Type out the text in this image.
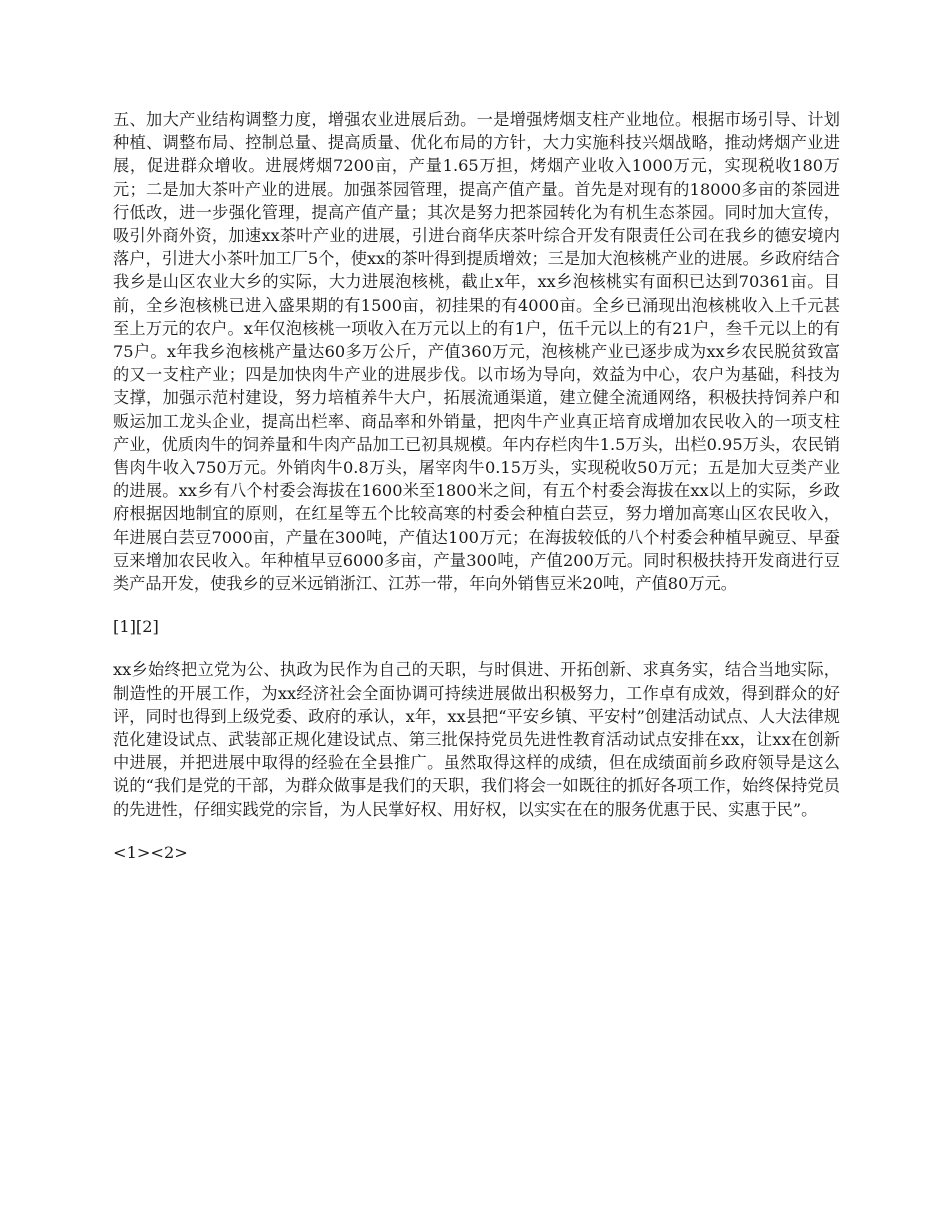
五、加大产业结构调整力度，增强农业进展后劲。一是增强烤烟支柱产业地位。根据市场引导、计划种植、调整布局、控制总量、提高质量、优化布局的方针，大力实施科技兴烟战略，推动烤烟产业进展，促进群众增收。进展烤烟7200亩，产量1.65万担，烤烟产业收入1000万元，实现税收180万元；二是加大茶叶产业的进展。加强茶园管理，提高产值产量。首先是对现有的18000多亩的茶园进行低改，进一步强化管理，提高产值产量；其次是努力把茶园转化为有机生态茶园。同时加大宣传，吸引外商外资，加速xx茶叶产业的进展，引进台商华庆茶叶综合开发有限责任公司在我乡的德安境内落户，引进大小茶叶加工厂5个，使xx的茶叶得到提质增效；三是加大泡核桃产业的进展。乡政府结合我乡是山区农业大乡的实际，大力进展泡核桃，截止x年，xx乡泡核桃实有面积已达到70361亩。目前，全乡泡核桃已进入盛果期的有1500亩，初挂果的有4000亩。全乡已涌现出泡核桃收入上千元甚至上万元的农户。x年仅泡核桃一项收入在万元以上的有1户，伍千元以上的有21户，叁千元以上的有75户。x年我乡泡核桃产量达60多万公斤，产值360万元，泡核桃产业已逐步成为xx乡农民脱贫致富的又一支柱产业；四是加快肉牛产业的进展步伐。以市场为导向，效益为中心，农户为基础，科技为支撑，加强示范村建设，努力培植养牛大户，拓展流通渠道，建立健全流通网络，积极扶持饲养户和贩运加工龙头企业，提高出栏率、商品率和外销量，把肉牛产业真正培育成增加农民收入的一项支柱产业，优质肉牛的饲养量和牛肉产品加工已初具规模。年内存栏肉牛1.5万头，出栏0.95万头，农民销售肉牛收入750万元。外销肉牛0.8万头，屠宰肉牛0.15万头，实现税收50万元；五是加大豆类产业的进展。xx乡有八个村委会海拔在1600米至1800米之间，有五个村委会海拔在xx以上的实际，乡政府根据因地制宜的原则，在红星等五个比较高寒的村委会种植白芸豆，努力增加高寒山区农民收入，年进展白芸豆7000亩，产量在300吨，产值达100万元；在海拔较低的八个村委会种植早豌豆、早蚕豆来增加农民收入。年种植早豆6000多亩，产量300吨，产值200万元。同时积极扶持开发商进行豆类产品开发，使我乡的豆米远销浙江、江苏一带，年向外销售豆米20吨，产值80万元。

[1][2]

xx乡始终把立党为公、执政为民作为自己的天职，与时俱进、开拓创新、求真务实，结合当地实际，制造性的开展工作，为xx经济社会全面协调可持续进展做出积极努力，工作卓有成效，得到群众的好评，同时也得到上级党委、政府的承认，x年，xx县把“平安乡镇、平安村”创建活动试点、人大法律规范化建设试点、武装部正规化建设试点、第三批保持党员先进性教育活动试点安排在xx，让xx在创新中进展，并把进展中取得的经验在全县推广。虽然取得这样的成绩，但在成绩面前乡政府领导是这么说的“我们是党的干部，为群众做事是我们的天职，我们将会一如既往的抓好各项工作，始终保持党员的先进性，仔细实践党的宗旨，为人民掌好权、用好权，以实实在在的服务优惠于民、实惠于民”。

<1><2>
